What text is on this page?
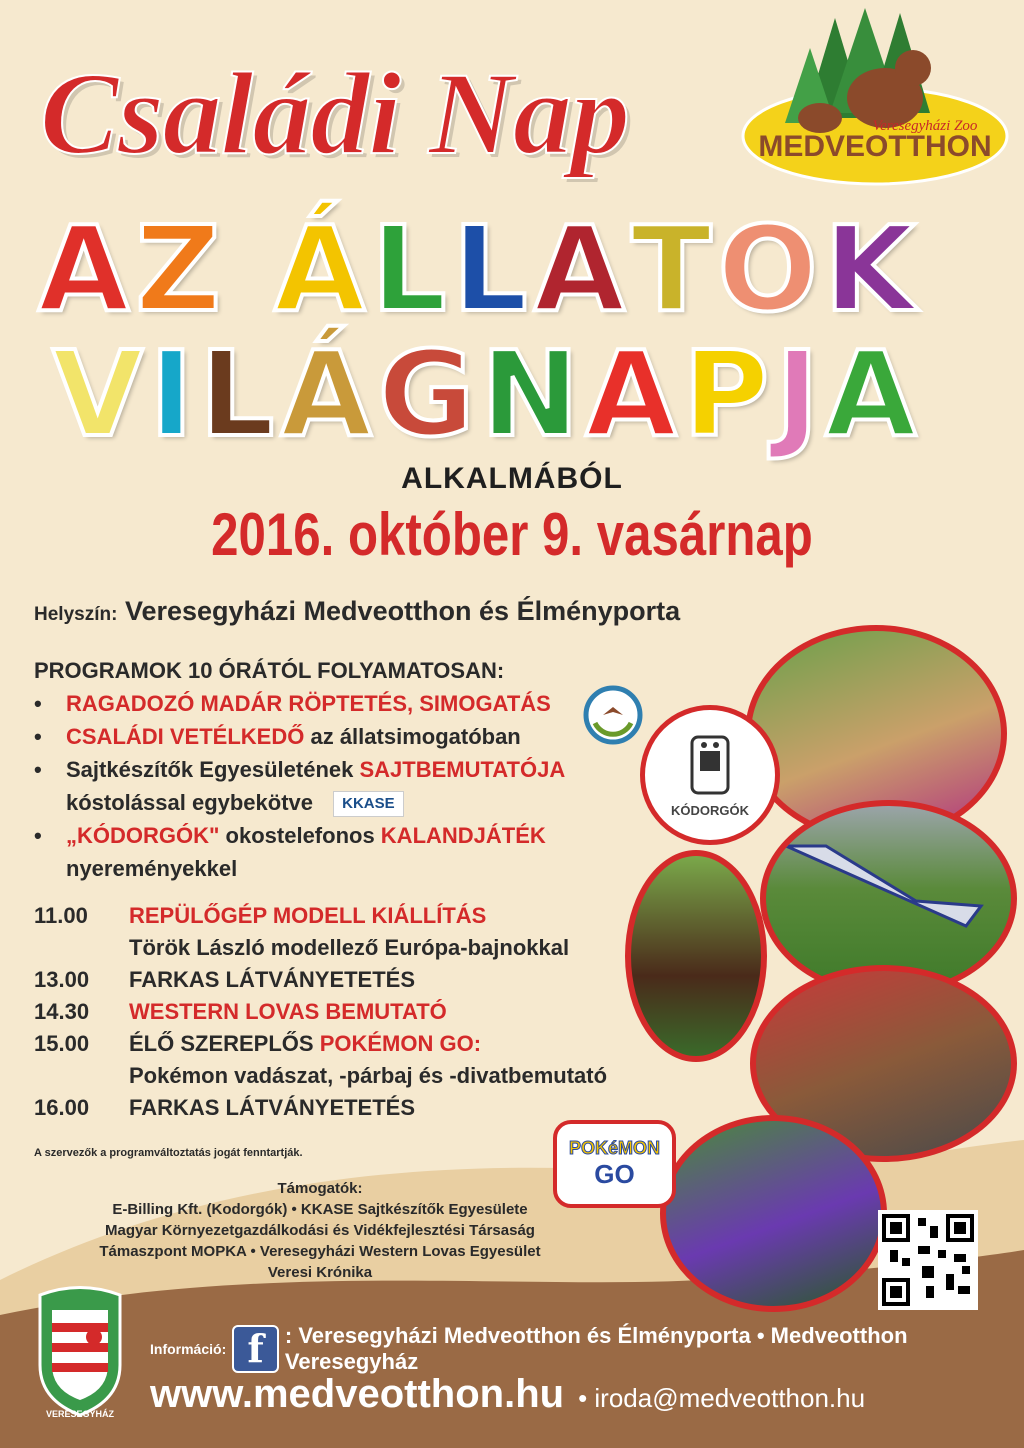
Családi Nap	MEDVEOTTHON
Veresegyházi Zoo
A Z
Á L L A T O K
V I L Á G N A P J A
ALKALMÁBÓL
2016. október 9. vasárnap
Helyszín: Veresegyházi Medveotthon és Élményporta
PROGRAMOK 10 ÓRÁTÓL FOLYAMATOSAN:
•	RAGADOZÓ MADÁR RÖPTETÉS, SIMOGATÁS
•	CSALÁDI VETÉLKEDŐ az állatsimogatóban
•	Sajtkészítők Egyesületének SAJTBEMUTATÓJA
kóstolással egybekötve KKASE
•	„KÓDORGÓK" okostelefonos KALANDJÁTÉK
nyereményekkel
11.00	REPÜLŐGÉP MODELL KIÁLLÍTÁS
Török László modellező Európa-bajnokkal
13.00	FARKAS LÁTVÁNYETETÉS
14.30	WESTERN LOVAS BEMUTATÓ
15.00	ÉLŐ SZEREPLŐS POKÉMON GO:
Pokémon vadászat, -párbaj és -divatbemutató
16.00	FARKAS LÁTVÁNYETETÉS
A szervezők a programváltoztatás jogát fenntartják.
Támogatók:
E-Billing Kft. (Kodorgók) • KKASE Sajtkészítők Egyesülete
Magyar Környezetgazdálkodási és Vidékfejlesztési Társaság
Támaszpont MOPKA • Veresegyházi Western Lovas Egyesület
Veresi Krónika
KÓDORGÓK
POKéMON
GO
VERESEGYHÁZ
Információ: f : Veresegyházi Medveotthon és Élményporta • Medveotthon Veresegyház
www.medveotthon.hu • iroda@medveotthon.hu
